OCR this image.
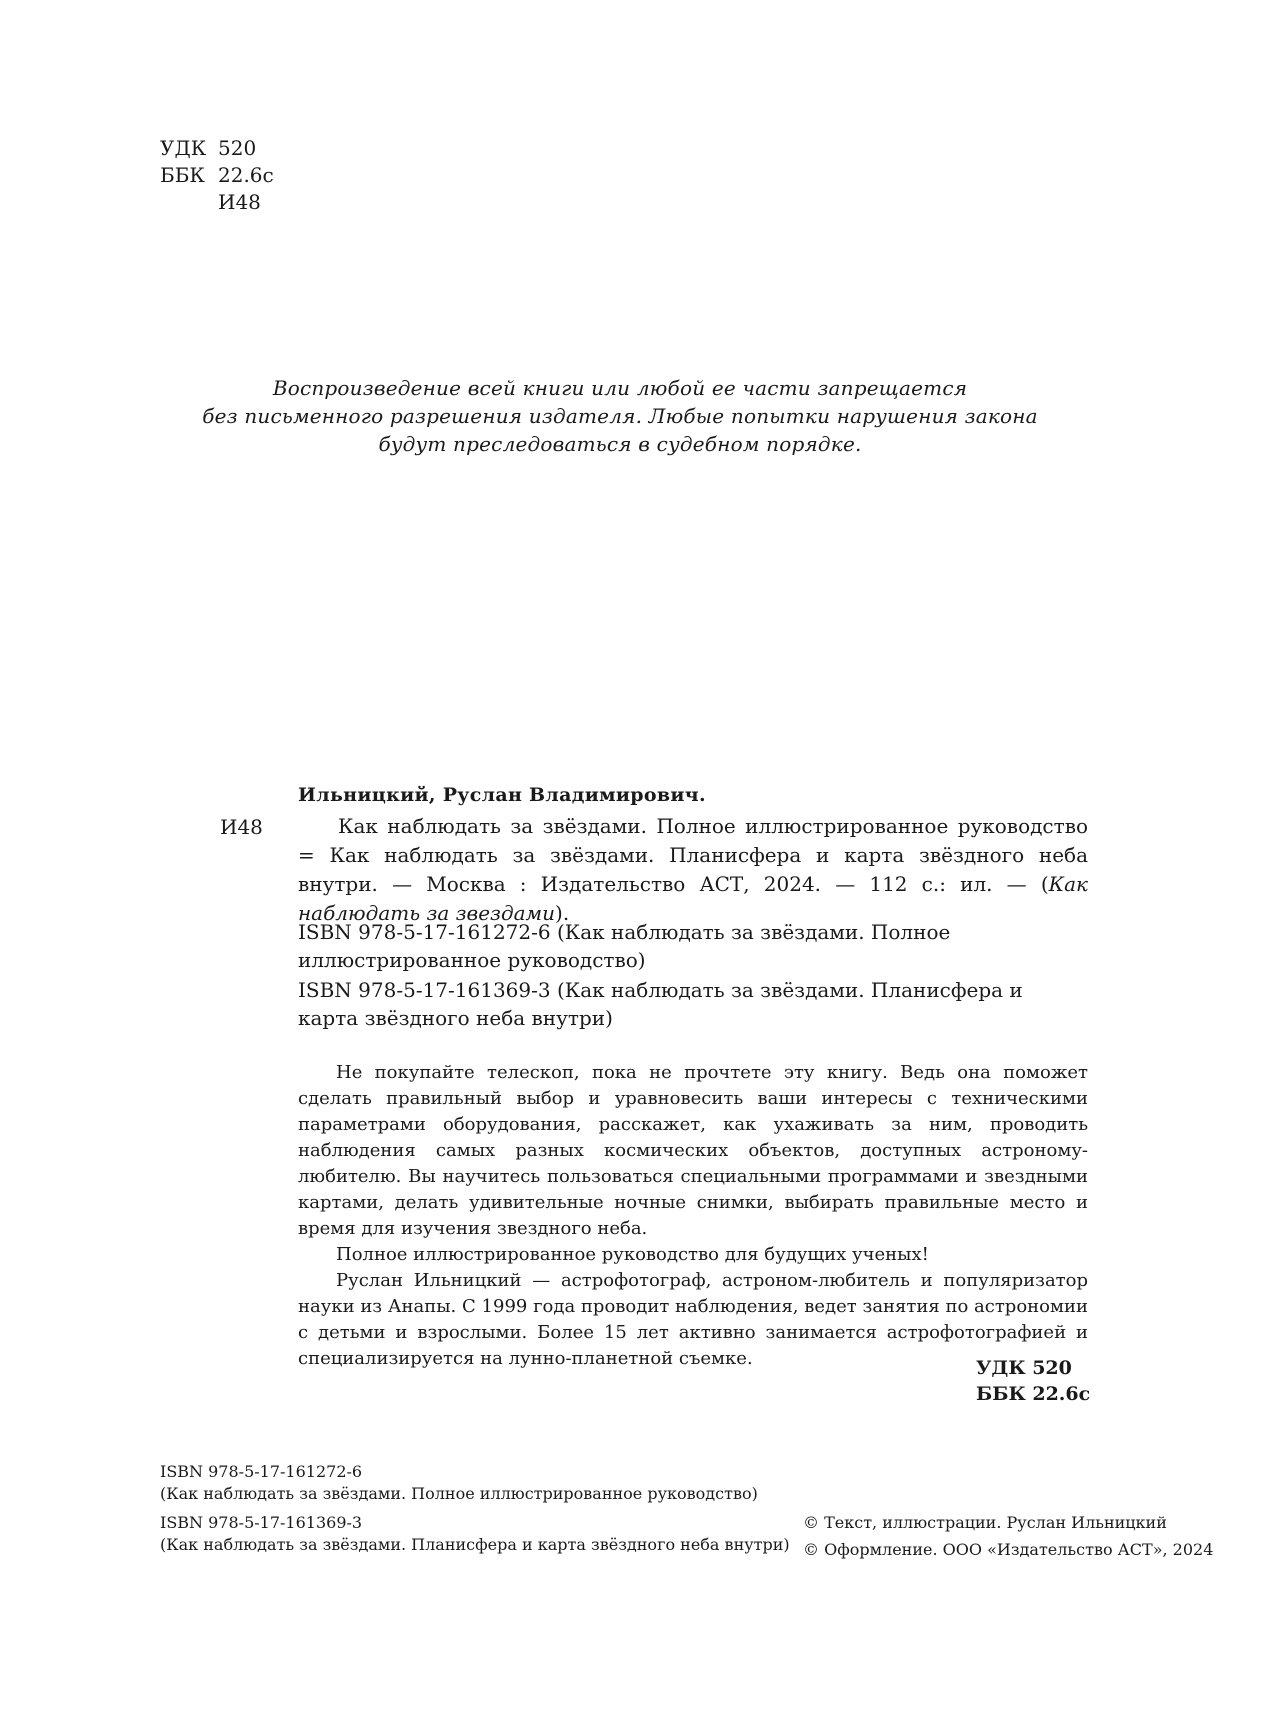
УДК 520
ББК 22.6с
И48
Воспроизведение всей книги или любой ее части запрещается
без письменного разрешения издателя. Любые попытки нарушения закона
будут преследоваться в судебном порядке.
Ильницкий, Руслан Владимирович.
И48	Как наблюдать за звёздами. Полное иллюстрированное руководство = Как наблюдать за звёздами. Планисфера и карта звёздного неба внутри. — Москва : Издательство АСТ, 2024. — 112 с.: ил. — (Как наблюдать за звездами).
ISBN 978-5-17-161272-6 (Как наблюдать за звёздами. Полное иллюстрированное руководство)
ISBN 978-5-17-161369-3 (Как наблюдать за звёздами. Планисфера и карта звёздного неба внутри)

Не покупайте телескоп, пока не прочтете эту книгу. Ведь она поможет сделать правильный выбор и уравновесить ваши интересы с техническими параметрами оборудования, расскажет, как ухаживать за ним, проводить наблюдения самых разных космических объектов, доступных астроному-любителю. Вы научитесь пользоваться специальными программами и звездными картами, делать удивительные ночные снимки, выбирать правильные место и время для изучения звездного неба.

Полное иллюстрированное руководство для будущих ученых!

Руслан Ильницкий — астрофотограф, астроном-любитель и популяризатор науки из Анапы. С 1999 года проводит наблюдения, ведет занятия по астрономии с детьми и взрослыми. Более 15 лет активно занимается астрофотографией и специализируется на лунно-планетной съемке.	УДК 520
ББК 22.6с
ISBN 978-5-17-161272-6
(Как наблюдать за звёздами. Полное иллюстрированное руководство)
ISBN 978-5-17-161369-3
(Как наблюдать за звёздами. Планисфера и карта звёздного неба внутри)
© Текст, иллюстрации. Руслан Ильницкий
© Оформление. ООО «Издательство АСТ», 2024
